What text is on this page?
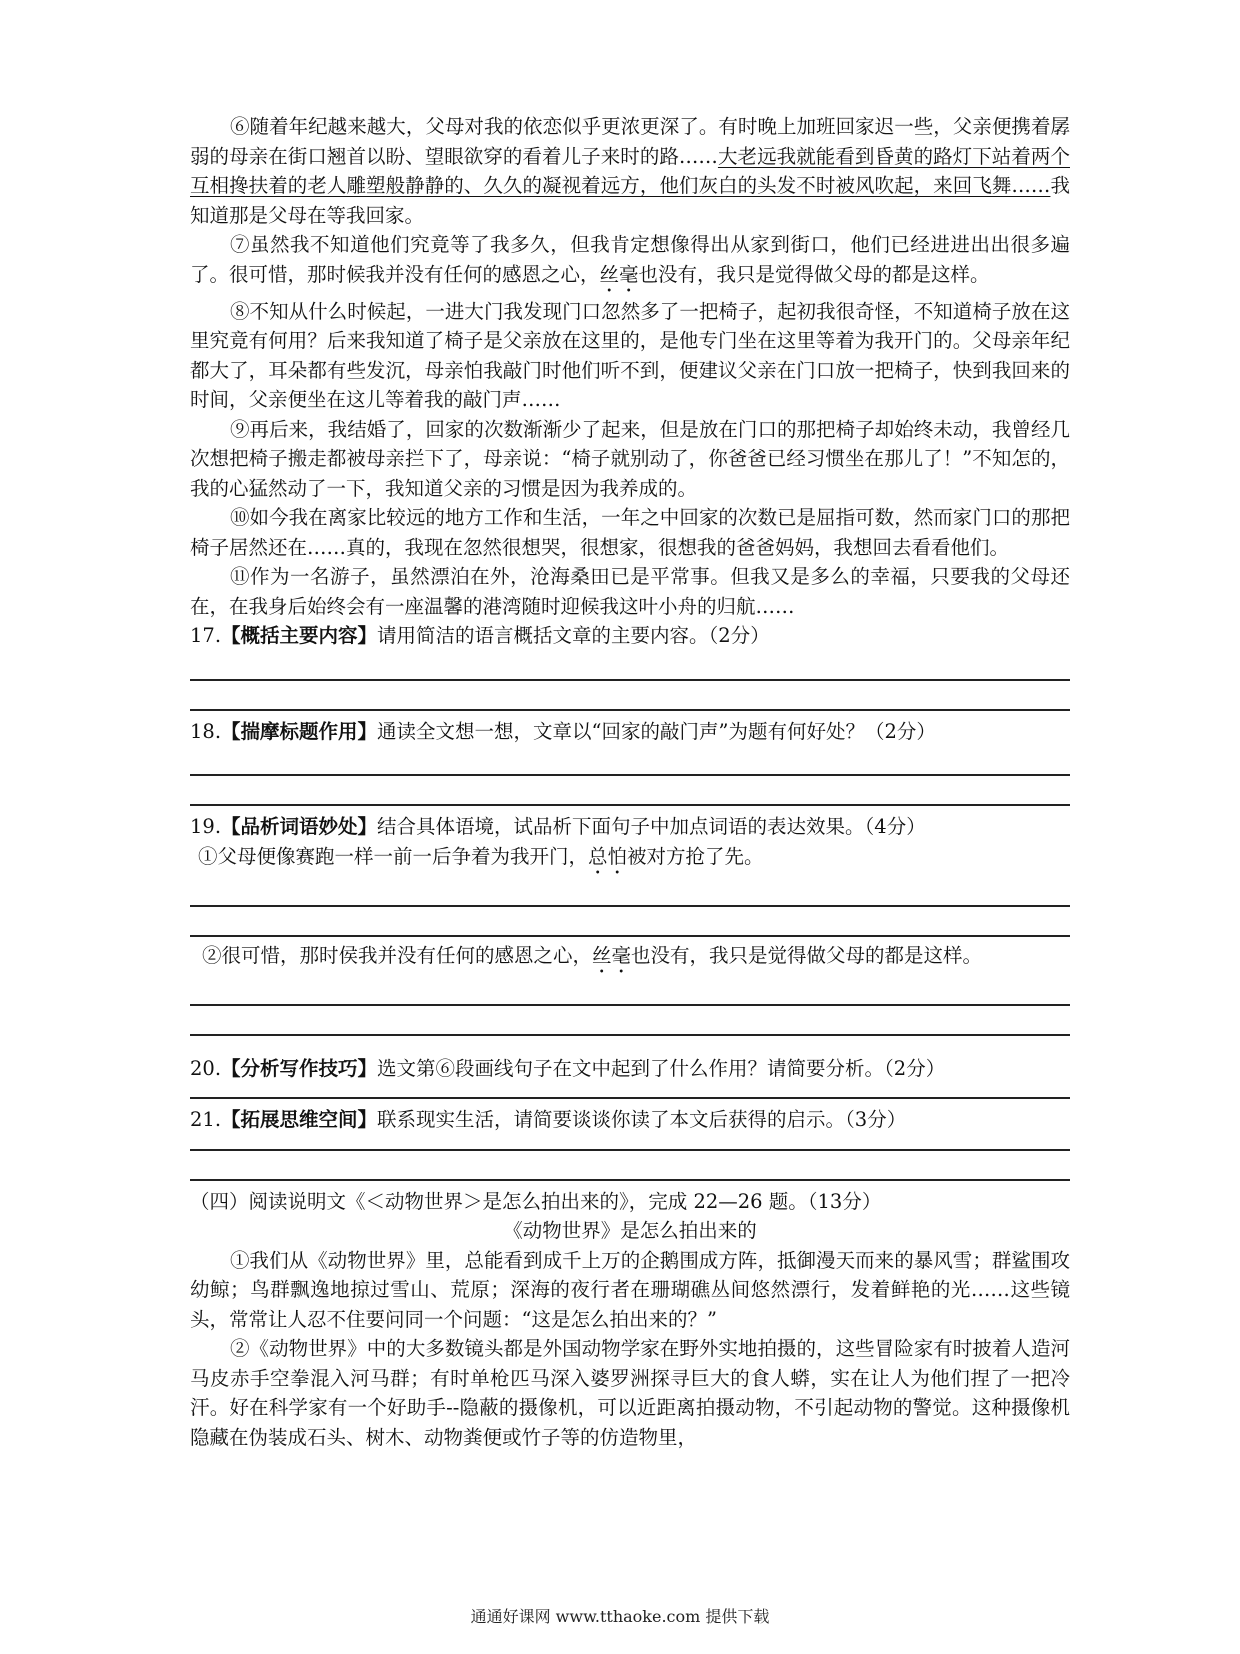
⑥随着年纪越来越大，父母对我的依恋似乎更浓更深了。有时晚上加班回家迟一些，父亲便携着孱弱的母亲在街口翘首以盼、望眼欲穿的看着儿子来时的路……大老远我就能看到昏黄的路灯下站着两个互相搀扶着的老人雕塑般静静的、久久的凝视着远方，他们灰白的头发不时被风吹起，来回飞舞……我知道那是父母在等我回家。

⑦虽然我不知道他们究竟等了我多久，但我肯定想像得出从家到街口，他们已经进进出出很多遍了。很可惜，那时候我并没有任何的感恩之心，丝毫也没有，我只是觉得做父母的都是这样。

⑧不知从什么时候起，一进大门我发现门口忽然多了一把椅子，起初我很奇怪，不知道椅子放在这里究竟有何用？后来我知道了椅子是父亲放在这里的，是他专门坐在这里等着为我开门的。父母亲年纪都大了，耳朵都有些发沉，母亲怕我敲门时他们听不到，便建议父亲在门口放一把椅子，快到我回来的时间，父亲便坐在这儿等着我的敲门声……

⑨再后来，我结婚了，回家的次数渐渐少了起来，但是放在门口的那把椅子却始终未动，我曾经几次想把椅子搬走都被母亲拦下了，母亲说：“椅子就别动了，你爸爸已经习惯坐在那儿了！”不知怎的，我的心猛然动了一下，我知道父亲的习惯是因为我养成的。

⑩如今我在离家比较远的地方工作和生活，一年之中回家的次数已是屈指可数，然而家门口的那把椅子居然还在……真的，我现在忽然很想哭，很想家，很想我的爸爸妈妈，我想回去看看他们。

⑪作为一名游子，虽然漂泊在外，沧海桑田已是平常事。但我又是多么的幸福，只要我的父母还在，在我身后始终会有一座温馨的港湾随时迎候我这叶小舟的归航……

17.【概括主要内容】请用简洁的语言概括文章的主要内容。（2分）

18.【揣摩标题作用】通读全文想一想，文章以“回家的敲门声”为题有何好处？（2分）

19.【品析词语妙处】结合具体语境，试品析下面句子中加点词语的表达效果。（4分）

①父母便像赛跑一样一前一后争着为我开门，总怕被对方抢了先。

②很可惜，那时侯我并没有任何的感恩之心，丝毫也没有，我只是觉得做父母的都是这样。

20.【分析写作技巧】选文第⑥段画线句子在文中起到了什么作用？请简要分析。（2分）

21.【拓展思维空间】联系现实生活，请简要谈谈你读了本文后获得的启示。（3分）

（四）阅读说明文《＜动物世界＞是怎么拍出来的》，完成 22—26 题。（13分）

《动物世界》是怎么拍出来的

①我们从《动物世界》里，总能看到成千上万的企鹅围成方阵，抵御漫天而来的暴风雪；群鲨围攻幼鲸；鸟群飘逸地掠过雪山、荒原；深海的夜行者在珊瑚礁丛间悠然漂行，发着鲜艳的光……这些镜头，常常让人忍不住要问同一个问题：“这是怎么拍出来的？”

②《动物世界》中的大多数镜头都是外国动物学家在野外实地拍摄的，这些冒险家有时披着人造河马皮赤手空拳混入河马群；有时单枪匹马深入婆罗洲探寻巨大的食人蟒，实在让人为他们捏了一把冷汗。好在科学家有一个好助手--隐蔽的摄像机，可以近距离拍摄动物，不引起动物的警觉。这种摄像机隐藏在伪装成石头、树木、动物粪便或竹子等的仿造物里，

通通好课网 www.tthaoke.com 提供下载
